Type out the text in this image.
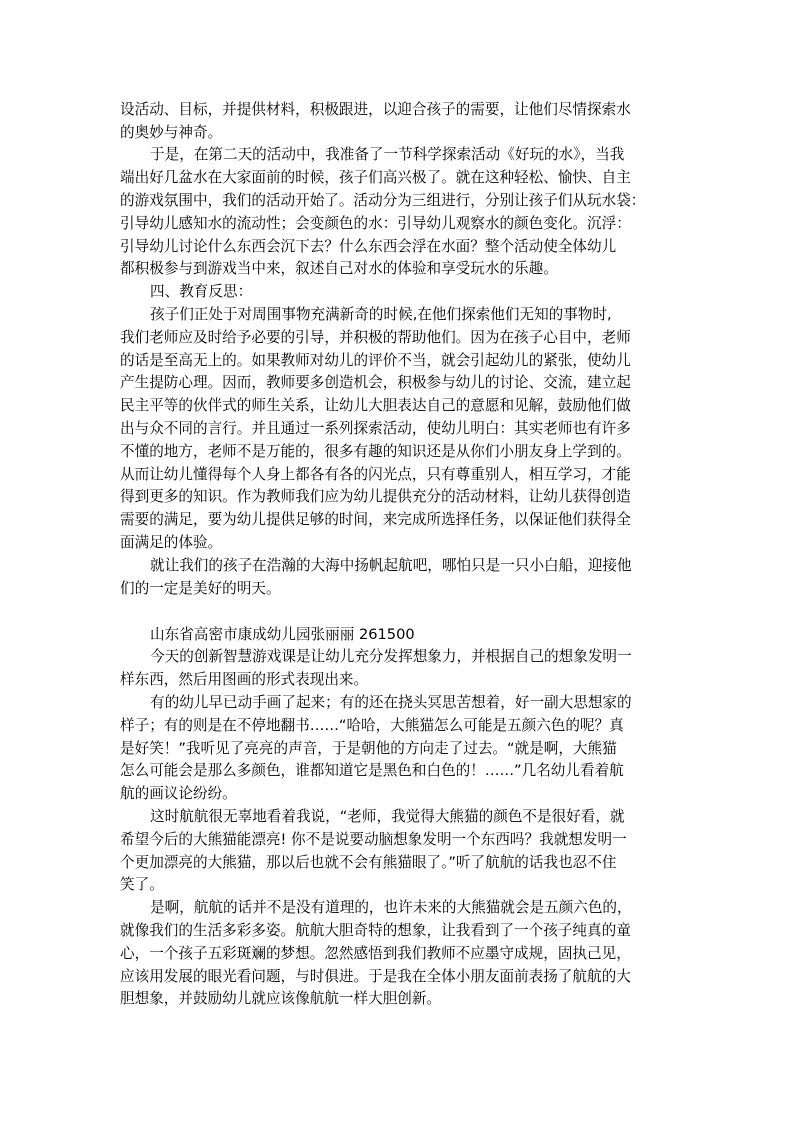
设活动、目标，并提供材料，积极跟进，以迎合孩子的需要，让他们尽情探索水
的奥妙与神奇。
于是，在第二天的活动中，我准备了一节科学探索活动《好玩的水》，当我
端出好几盆水在大家面前的时候，孩子们高兴极了。就在这种轻松、愉快、自主
的游戏氛围中，我们的活动开始了。活动分为三组进行，分别让孩子们从玩水袋：
引导幼儿感知水的流动性；会变颜色的水：引导幼儿观察水的颜色变化。沉浮：
引导幼儿讨论什么东西会沉下去？什么东西会浮在水面？整个活动使全体幼儿
都积极参与到游戏当中来，叙述自己对水的体验和享受玩水的乐趣。
四、教育反思：
孩子们正处于对周围事物充满新奇的时候,在他们探索他们无知的事物时,
我们老师应及时给予必要的引导，并积极的帮助他们。因为在孩子心目中，老师
的话是至高无上的。如果教师对幼儿的评价不当，就会引起幼儿的紧张，使幼儿
产生提防心理。因而，教师要多创造机会，积极参与幼儿的讨论、交流，建立起
民主平等的伙伴式的师生关系，让幼儿大胆表达自己的意愿和见解，鼓励他们做
出与众不同的言行。并且通过一系列探索活动，使幼儿明白：其实老师也有许多
不懂的地方，老师不是万能的，很多有趣的知识还是从你们小朋友身上学到的。
从而让幼儿懂得每个人身上都各有各的闪光点，只有尊重别人，相互学习，才能
得到更多的知识。作为教师我们应为幼儿提供充分的活动材料，让幼儿获得创造
需要的满足，要为幼儿提供足够的时间，来完成所选择任务，以保证他们获得全
面满足的体验。
就让我们的孩子在浩瀚的大海中扬帆起航吧，哪怕只是一只小白船，迎接他
们的一定是美好的明天。
山东省高密市康成幼儿园张丽丽 261500
今天的创新智慧游戏课是让幼儿充分发挥想象力，并根据自己的想象发明一
样东西，然后用图画的形式表现出来。
有的幼儿早已动手画了起来；有的还在挠头冥思苦想着，好一副大思想家的
样子；有的则是在不停地翻书……“哈哈，大熊猫怎么可能是五颜六色的呢？真
是好笑！”我听见了亮亮的声音，于是朝他的方向走了过去。“就是啊，大熊猫
怎么可能会是那么多颜色，谁都知道它是黑色和白色的！……”几名幼儿看着航
航的画议论纷纷。
这时航航很无辜地看着我说，“老师，我觉得大熊猫的颜色不是很好看，就
希望今后的大熊猫能漂亮! 你不是说要动脑想象发明一个东西吗？我就想发明一
个更加漂亮的大熊猫，那以后也就不会有熊猫眼了。”听了航航的话我也忍不住
笑了。
是啊，航航的话并不是没有道理的，也许未来的大熊猫就会是五颜六色的，
就像我们的生活多彩多姿。航航大胆奇特的想象，让我看到了一个孩子纯真的童
心，一个孩子五彩斑斓的梦想。忽然感悟到我们教师不应墨守成规，固执己见，
应该用发展的眼光看问题，与时俱进。于是我在全体小朋友面前表扬了航航的大
胆想象，并鼓励幼儿就应该像航航一样大胆创新。
